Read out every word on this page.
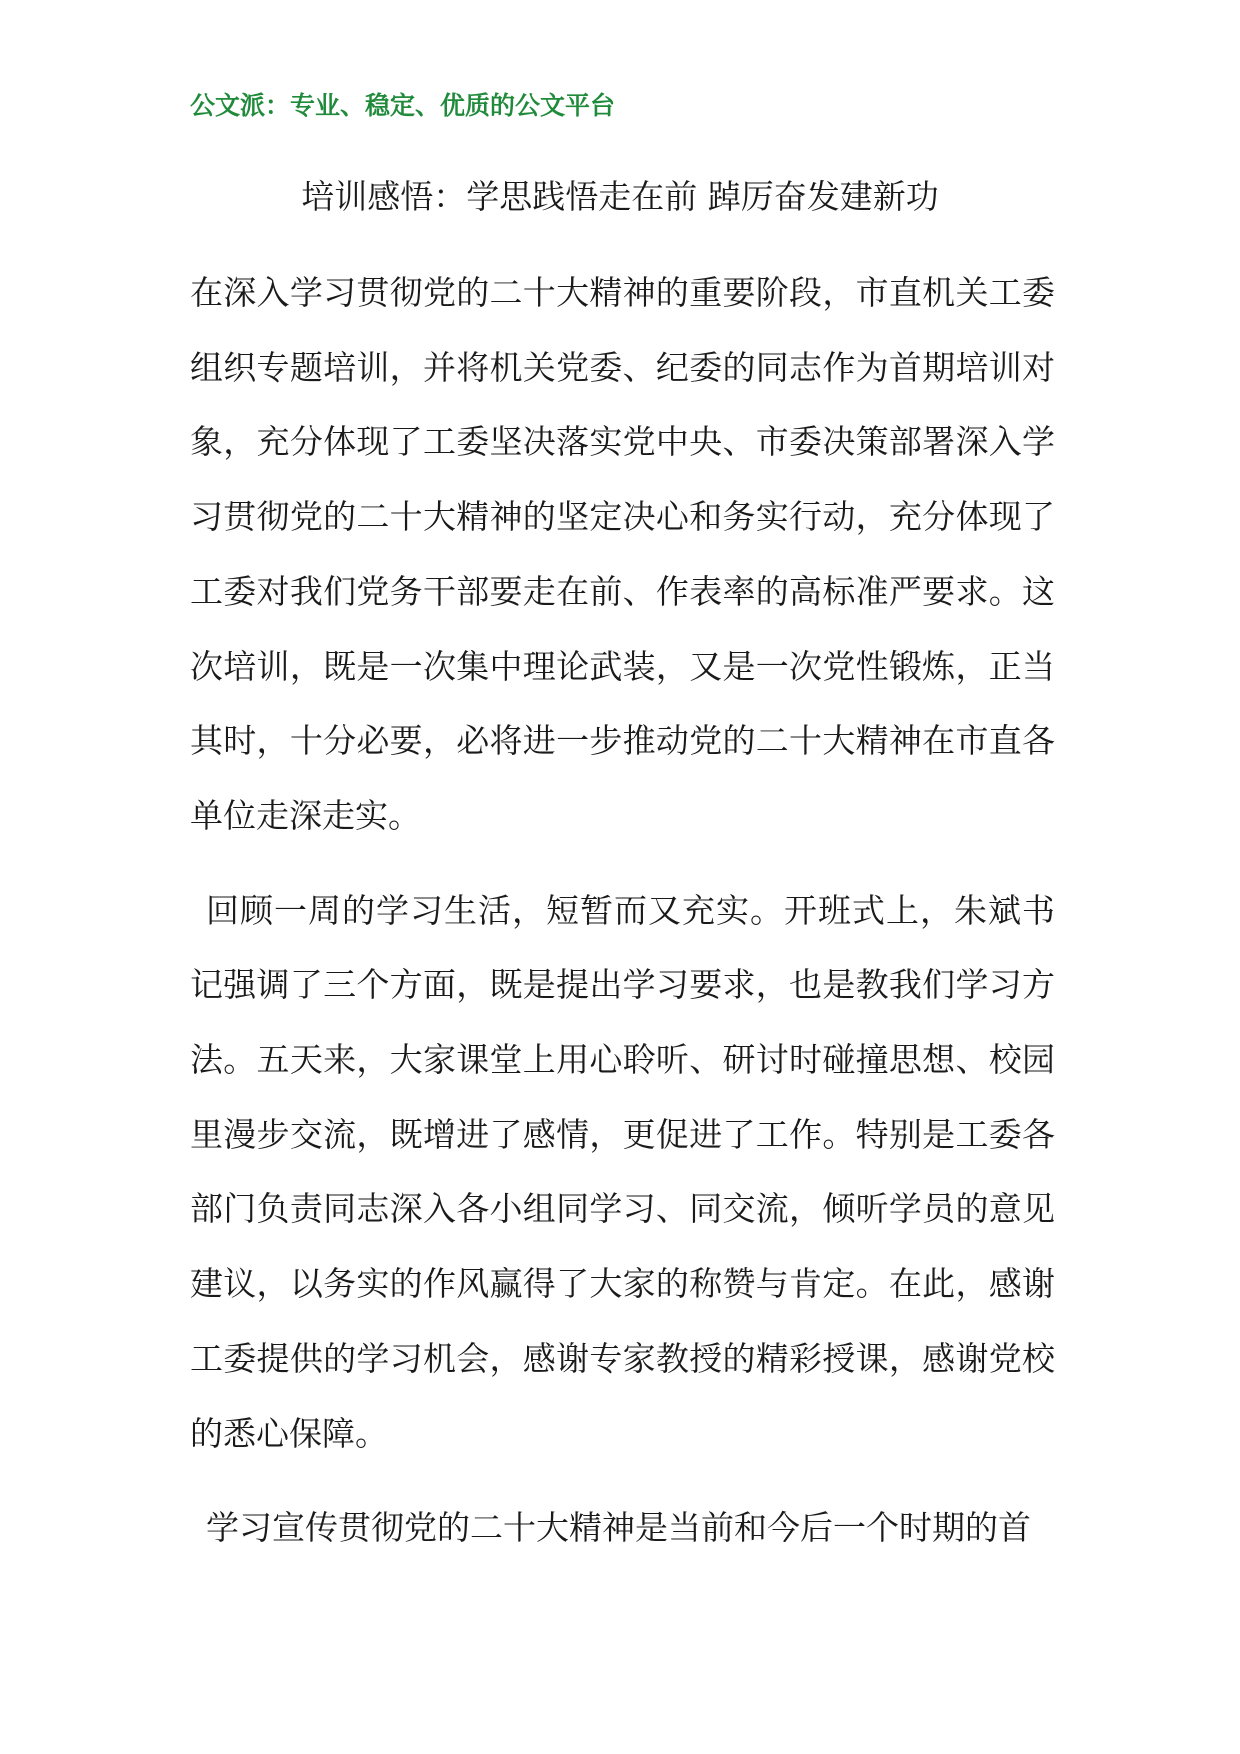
公文派：专业、稳定、优质的公文平台
培训感悟：学思践悟走在前 踔厉奋发建新功

在深入学习贯彻党的二十大精神的重要阶段，市直机关工委组织专题培训，并将机关党委、纪委的同志作为首期培训对象，充分体现了工委坚决落实党中央、市委决策部署深入学习贯彻党的二十大精神的坚定决心和务实行动，充分体现了工委对我们党务干部要走在前、作表率的高标准严要求。这次培训，既是一次集中理论武装，又是一次党性锻炼，正当其时，十分必要，必将进一步推动党的二十大精神在市直各单位走深走实。

回顾一周的学习生活，短暂而又充实。开班式上，朱斌书记强调了三个方面，既是提出学习要求，也是教我们学习方法。五天来，大家课堂上用心聆听、研讨时碰撞思想、校园里漫步交流，既增进了感情，更促进了工作。特别是工委各部门负责同志深入各小组同学习、同交流，倾听学员的意见建议，以务实的作风赢得了大家的称赞与肯定。在此，感谢工委提供的学习机会，感谢专家教授的精彩授课，感谢党校的悉心保障。

学习宣传贯彻党的二十大精神是当前和今后一个时期的首
